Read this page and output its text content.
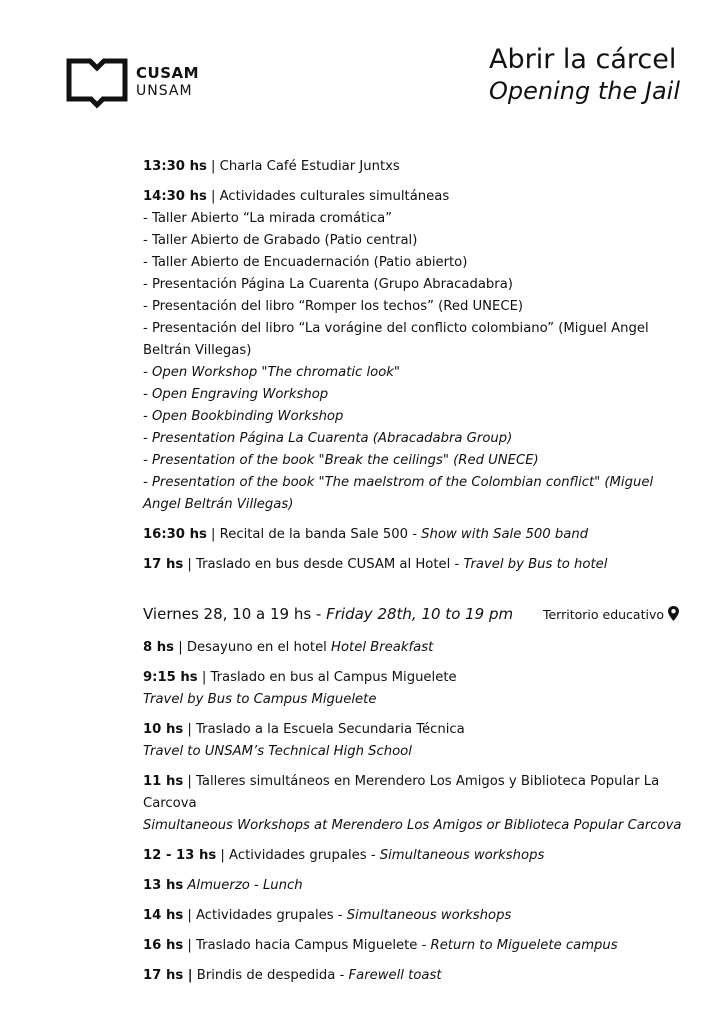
CUSAM
UNSAM
Abrir la cárcel
Opening the Jail
13:30 hs | Charla Café Estudiar Juntxs
14:30 hs | Actividades culturales simultáneas
- Taller Abierto “La mirada cromática”
- Taller Abierto de Grabado (Patio central)
- Taller Abierto de Encuadernación (Patio abierto)
- Presentación Página La Cuarenta (Grupo Abracadabra)
- Presentación del libro “Romper los techos” (Red UNECE)
- Presentación del libro “La vorágine del conflicto colombiano” (Miguel Angel Beltrán Villegas)
- Open Workshop "The chromatic look"
- Open Engraving Workshop
- Open Bookbinding Workshop
- Presentation Página La Cuarenta (Abracadabra Group)
- Presentation of the book "Break the ceilings" (Red UNECE)
- Presentation of the book "The maelstrom of the Colombian conflict" (Miguel Angel Beltrán Villegas)
16:30 hs | Recital de la banda Sale 500 - Show with Sale 500 band
17 hs | Traslado en bus desde CUSAM al Hotel - Travel by Bus to hotel
Viernes 28, 10 a 19 hs - Friday 28th, 10 to 19 pm Territorio educativo
8 hs | Desayuno en el hotel Hotel Breakfast
9:15 hs | Traslado en bus al Campus Miguelete
Travel by Bus to Campus Miguelete
10 hs | Traslado a la Escuela Secundaria Técnica
Travel to UNSAM’s Technical High School
11 hs | Talleres simultáneos en Merendero Los Amigos y Biblioteca Popular La Carcova
Simultaneous Workshops at Merendero Los Amigos or Biblioteca Popular Carcova
12 - 13 hs | Actividades grupales - Simultaneous workshops
13 hs Almuerzo - Lunch
14 hs | Actividades grupales - Simultaneous workshops
16 hs | Traslado hacia Campus Miguelete - Return to Miguelete campus
17 hs | Brindis de despedida - Farewell toast
